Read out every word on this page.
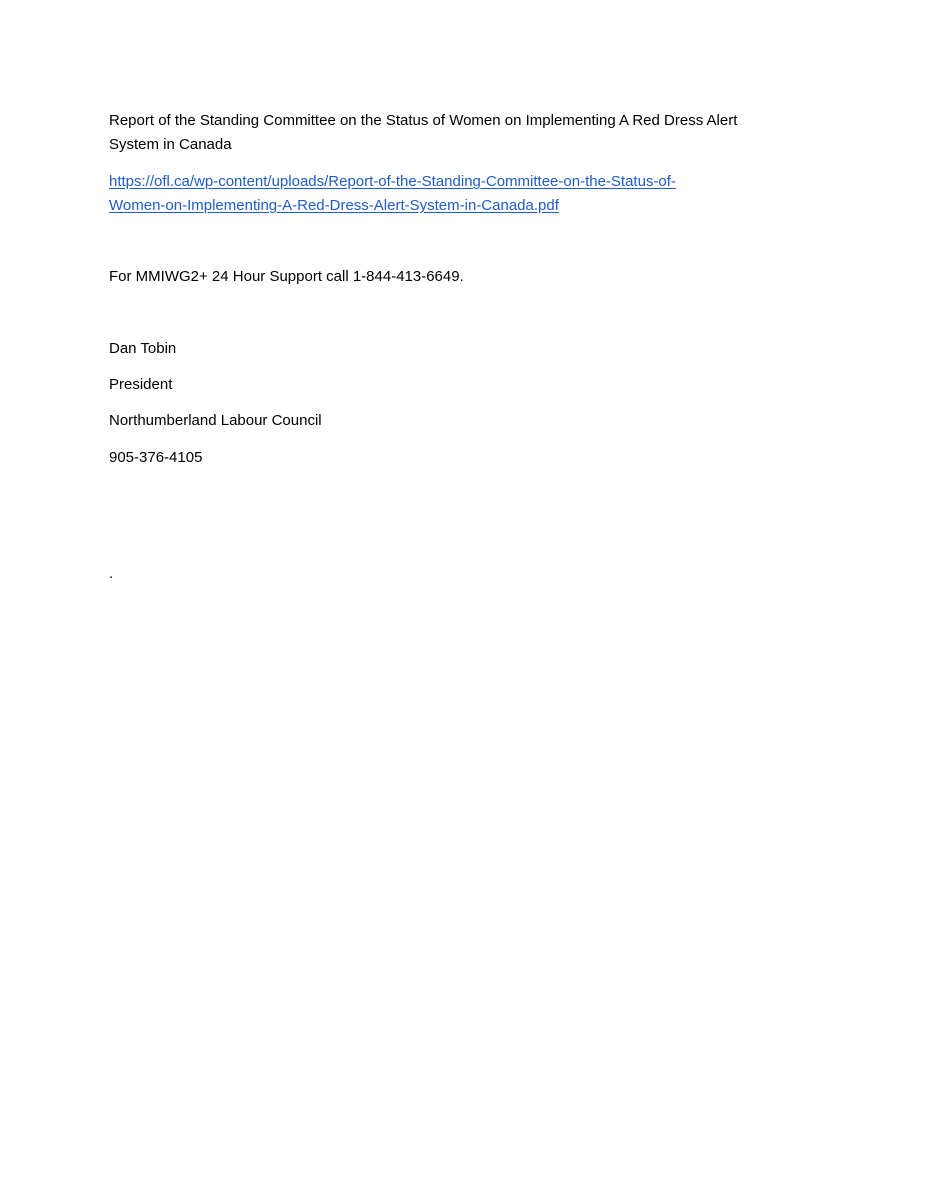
Report of the Standing Committee on the Status of Women on Implementing A Red Dress Alert
System in Canada
https://ofl.ca/wp-content/uploads/Report-of-the-Standing-Committee-on-the-Status-of-
Women-on-Implementing-A-Red-Dress-Alert-System-in-Canada.pdf
For MMIWG2+ 24 Hour Support call 1-844-413-6649.
Dan Tobin
President
Northumberland Labour Council
905-376-4105
.
